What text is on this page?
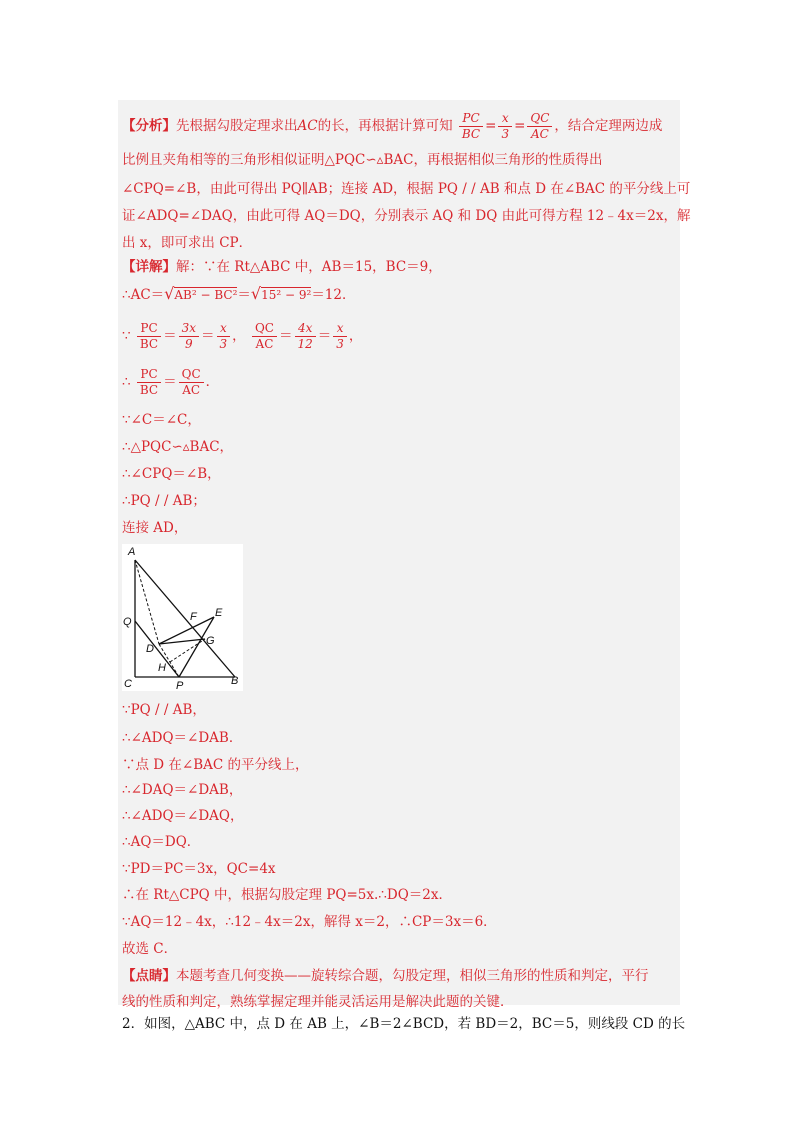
【分析】先根据勾股定理求出AC的长，再根据计算可知 $\frac{PC}{BC} = \frac{x}{3} = \frac{QC}{AC}$ ，结合定理两边成
比例且夹角相等的三角形相似证明△PQC∽▵BAC，再根据相似三角形的性质得出
∠CPQ=∠B，由此可得出 PQ∥AB；连接 AD，根据 PQ / / AB 和点 D 在∠BAC 的平分线上可
证∠ADQ=∠DAQ，由此可得 AQ＝DQ，分别表示 AQ 和 DQ 由此可得方程 12﹣4x＝2x，解
出 x，即可求出 CP．
【详解】解：∵在 Rt△ABC 中，AB＝15，BC＝9，
∴AC＝√AB² − BC²＝√15² − 9²＝12．
∵ $\frac{PC}{BC} = \frac{3x}{9} = \frac{x}{3}$ ， $\frac{QC}{AC} = \frac{4x}{12} = \frac{x}{3}$ ，
∴ $\frac{PC}{BC} = \frac{QC}{AC}$ ．
∵∠C＝∠C，
∴△PQC∽▵BAC，
∴∠CPQ＝∠B，
∴PQ / / AB；
连接 AD，
A
Q
D
H
C	P	B
F E
G
∵PQ / / AB，
∴∠ADQ＝∠DAB．
∵点 D 在∠BAC 的平分线上，
∴∠DAQ＝∠DAB，
∴∠ADQ＝∠DAQ，
∴AQ＝DQ．
∵PD＝PC＝3x，QC=4x
∴在 Rt△CPQ 中，根据勾股定理 PQ=5x.∴DQ＝2x．
∵AQ＝12﹣4x，∴12﹣4x＝2x，解得 x＝2，∴CP＝3x＝6．
故选 C．
【点睛】本题考查几何变换——旋转综合题，勾股定理，相似三角形的性质和判定，平行
线的性质和判定，熟练掌握定理并能灵活运用是解决此题的关键．
2．如图，△ABC 中，点 D 在 AB 上，∠B＝2∠BCD，若 BD＝2，BC＝5，则线段 CD 的长
